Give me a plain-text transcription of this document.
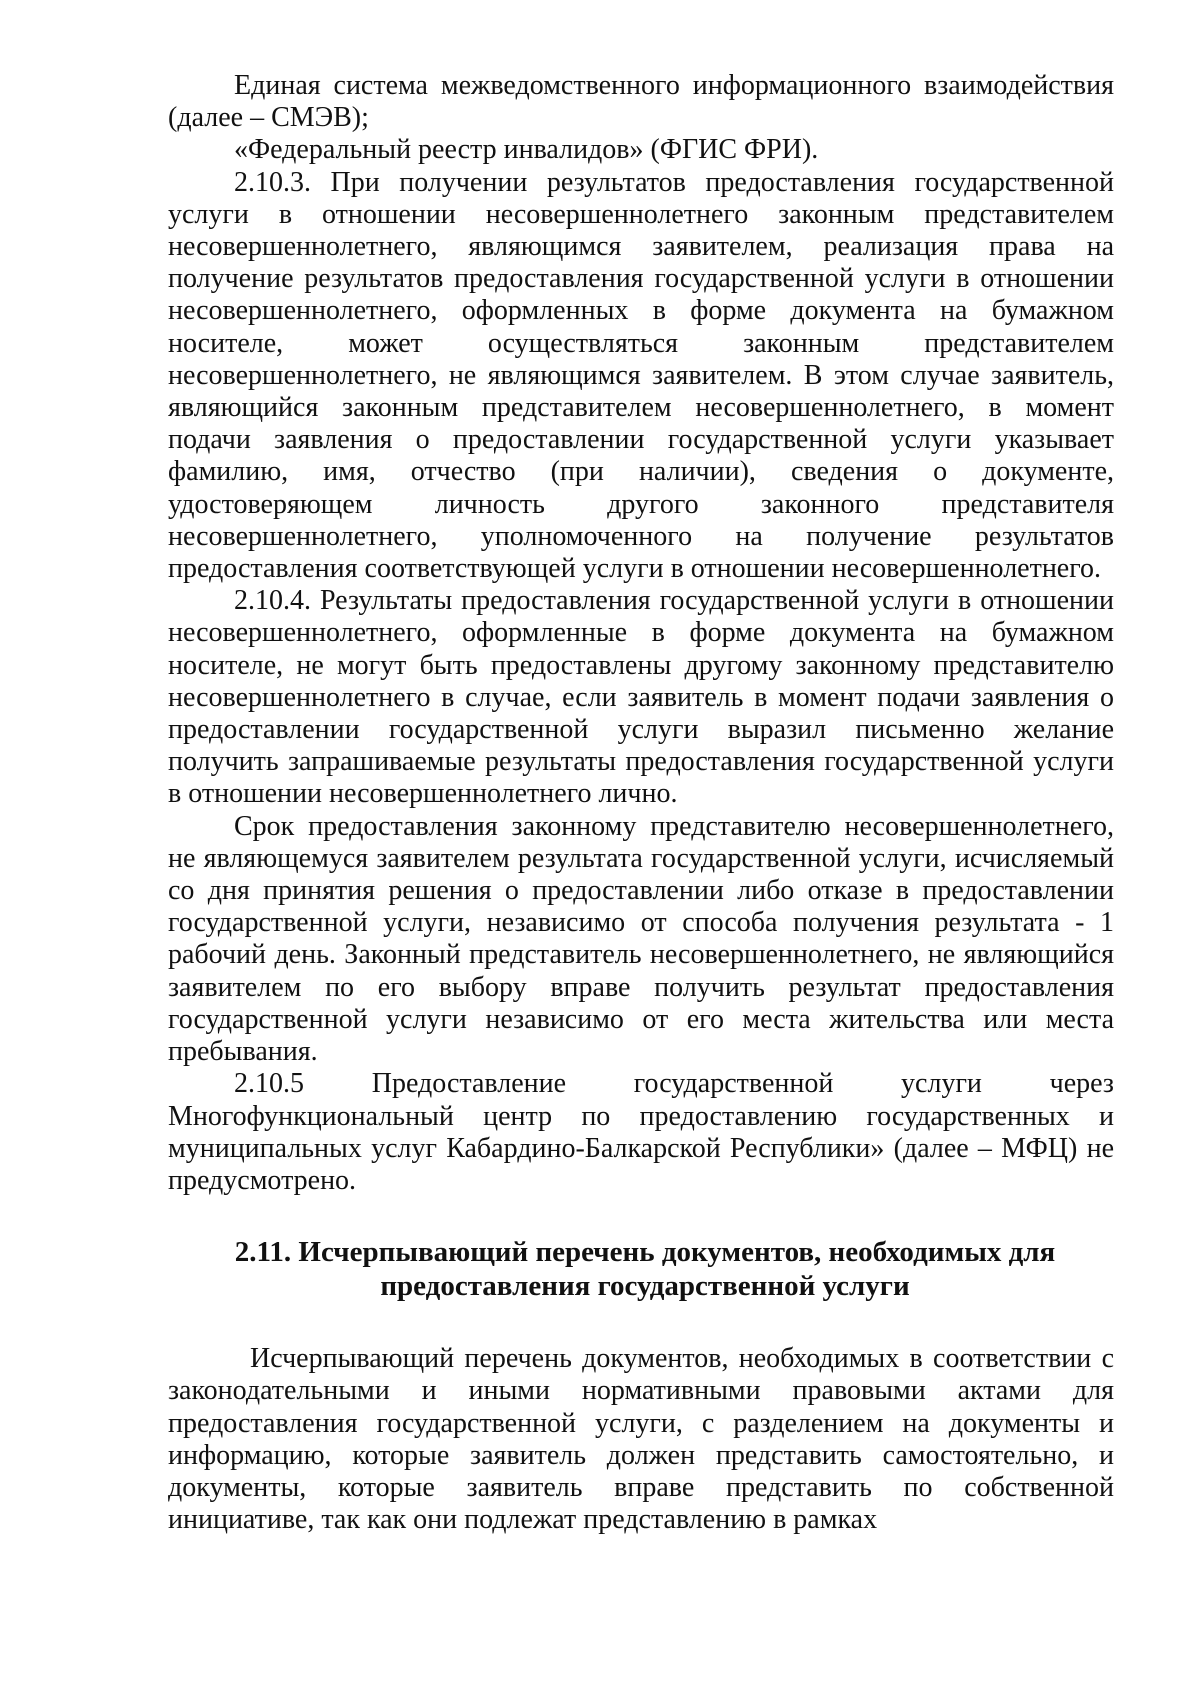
Единая система межведомственного информационного взаимодействия (далее – СМЭВ);

«Федеральный реестр инвалидов» (ФГИС ФРИ).

2.10.3. При получении результатов предоставления государственной услуги в отношении несовершеннолетнего законным представителем несовершеннолетнего, являющимся заявителем, реализация права на получение результатов предоставления государственной услуги в отношении несовершеннолетнего, оформленных в форме документа на бумажном носителе, может осуществляться законным представителем несовершеннолетнего, не являющимся заявителем. В этом случае заявитель, являющийся законным представителем несовершеннолетнего, в момент подачи заявления о предоставлении государственной услуги указывает фамилию, имя, отчество (при наличии), сведения о документе, удостоверяющем личность другого законного представителя несовершеннолетнего, уполномоченного на получение результатов предоставления соответствующей услуги в отношении несовершеннолетнего.

2.10.4. Результаты предоставления государственной услуги в отношении несовершеннолетнего, оформленные в форме документа на бумажном носителе, не могут быть предоставлены другому законному представителю несовершеннолетнего в случае, если заявитель в момент подачи заявления о предоставлении государственной услуги выразил письменно желание получить запрашиваемые результаты предоставления государственной услуги в отношении несовершеннолетнего лично.

Срок предоставления законному представителю несовершеннолетнего, не являющемуся заявителем результата государственной услуги, исчисляемый со дня принятия решения о предоставлении либо отказе в предоставлении государственной услуги, независимо от способа получения результата - 1 рабочий день. Законный представитель несовершеннолетнего, не являющийся заявителем по его выбору вправе получить результат предоставления государственной услуги независимо от его места жительства или места пребывания.

2.10.5 Предоставление государственной услуги через Многофункциональный центр по предоставлению государственных и муниципальных услуг Кабардино-Балкарской Республики» (далее – МФЦ) не предусмотрено.

2.11. Исчерпывающий перечень документов, необходимых для
предоставления государственной услуги

Исчерпывающий перечень документов, необходимых в соответствии с законодательными и иными нормативными правовыми актами для предоставления государственной услуги, с разделением на документы и информацию, которые заявитель должен представить самостоятельно, и документы, которые заявитель вправе представить по собственной инициативе, так как они подлежат представлению в рамках
